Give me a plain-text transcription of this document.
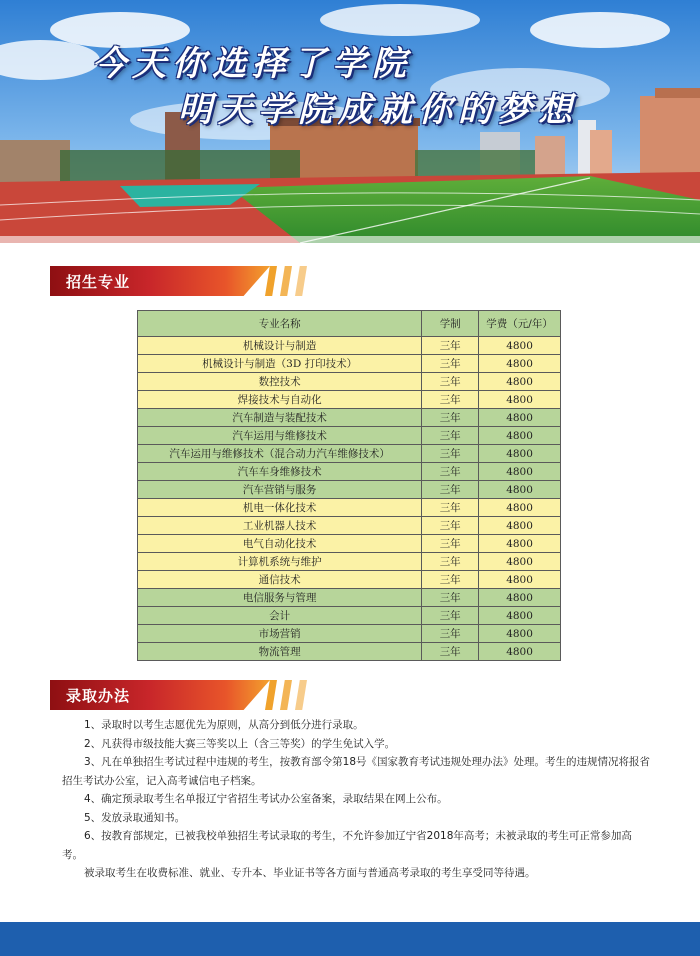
今天你选择了学院
明天学院成就你的梦想
招生专业
专业名称	学制	学费（元/年）
机械设计与制造	三年	4800
机械设计与制造（3D 打印技术）	三年	4800
数控技术	三年	4800
焊接技术与自动化	三年	4800
汽车制造与装配技术	三年	4800
汽车运用与维修技术	三年	4800
汽车运用与维修技术（混合动力汽车维修技术）	三年	4800
汽车车身维修技术	三年	4800
汽车营销与服务	三年	4800
机电一体化技术	三年	4800
工业机器人技术	三年	4800
电气自动化技术	三年	4800
计算机系统与维护	三年	4800
通信技术	三年	4800
电信服务与管理	三年	4800
会计	三年	4800
市场营销	三年	4800
物流管理	三年	4800
录取办法

1、录取时以考生志愿优先为原则，从高分到低分进行录取。

2、凡获得市级技能大赛三等奖以上（含三等奖）的学生免试入学。

3、凡在单独招生考试过程中违规的考生，按教育部令第18号《国家教育考试违规处理办法》处理。考生的违规情况将报省招生考试办公室，记入高考诚信电子档案。

4、确定预录取考生名单报辽宁省招生考试办公室备案，录取结果在网上公布。

5、发放录取通知书。

6、按教育部规定，已被我校单独招生考试录取的考生，不允许参加辽宁省2018年高考；未被录取的考生可正常参加高考。

被录取考生在收费标准、就业、专升本、毕业证书等各方面与普通高考录取的考生享受同等待遇。
